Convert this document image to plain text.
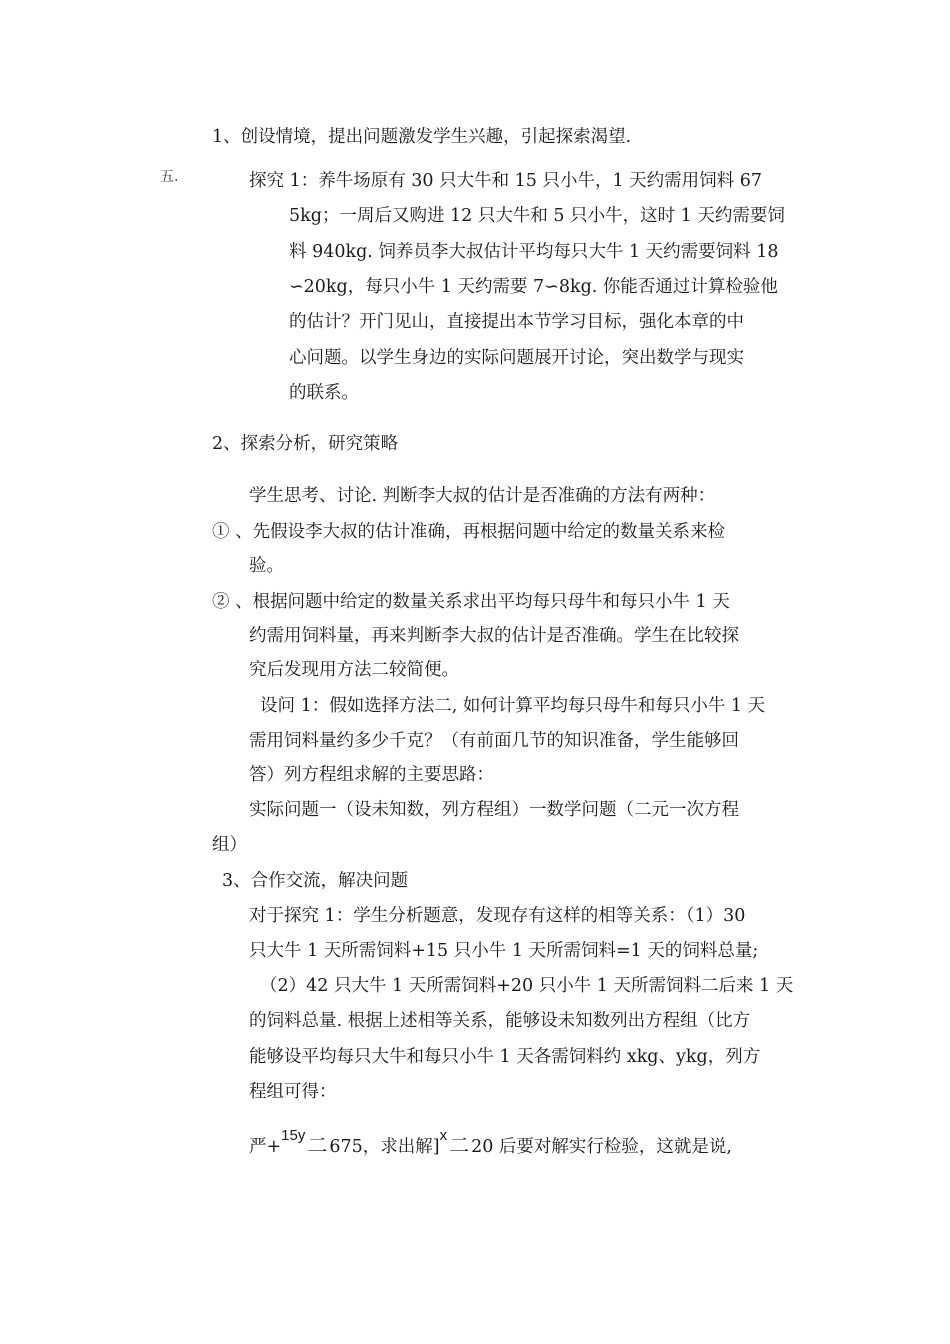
五.
1、创设情境，提出问题激发学生兴趣，引起探索渴望.
探究 1：养牛场原有 30 只大牛和 15 只小牛，1 天约需用饲料 67
5kg；一周后又购进 12 只大牛和 5 只小牛，这时 1 天约需要饲
料 940kg. 饲养员李大叔估计平均每只大牛 1 天约需要饲料 18
∽20kg，每只小牛 1 天约需要 7∽8kg. 你能否通过计算检验他
的估计？开门见山，直接提出本节学习目标，强化本章的中
心问题。以学生身边的实际问题展开讨论，突出数学与现实
的联系。
2、探索分析，研究策略
学生思考、讨论. 判断李大叔的估计是否准确的方法有两种：
① 、先假设李大叔的估计准确，再根据问题中给定的数量关系来检
验。
② 、根据问题中给定的数量关系求出平均每只母牛和每只小牛 1 天
约需用饲料量，再来判断李大叔的估计是否准确。学生在比较探
究后发现用方法二较简便。
设问 1：假如选择方法二, 如何计算平均每只母牛和每只小牛 1 天
需用饲料量约多少千克？（有前面几节的知识准备，学生能够回
答）列方程组求解的主要思路：
实际问题一（设未知数，列方程组）一数学问题（二元一次方程
组）
3、合作交流，解决问题
对于探究 1：学生分析题意，发现存有这样的相等关系：（1）30
只大牛 1 天所需饲料+15 只小牛 1 天所需饲料=1 天的饲料总量;
（2）42 只大牛 1 天所需饲料+20 只小牛 1 天所需饲料二后来 1 天
的饲料总量. 根据上述相等关系，能够设未知数列出方程组（比方
能够设平均每只大牛和每只小牛 1 天各需饲料约 xkg、ykg，列方
程组可得：
严+15y 二 675，求出解]x 二 20 后要对解实行检验，这就是说,
